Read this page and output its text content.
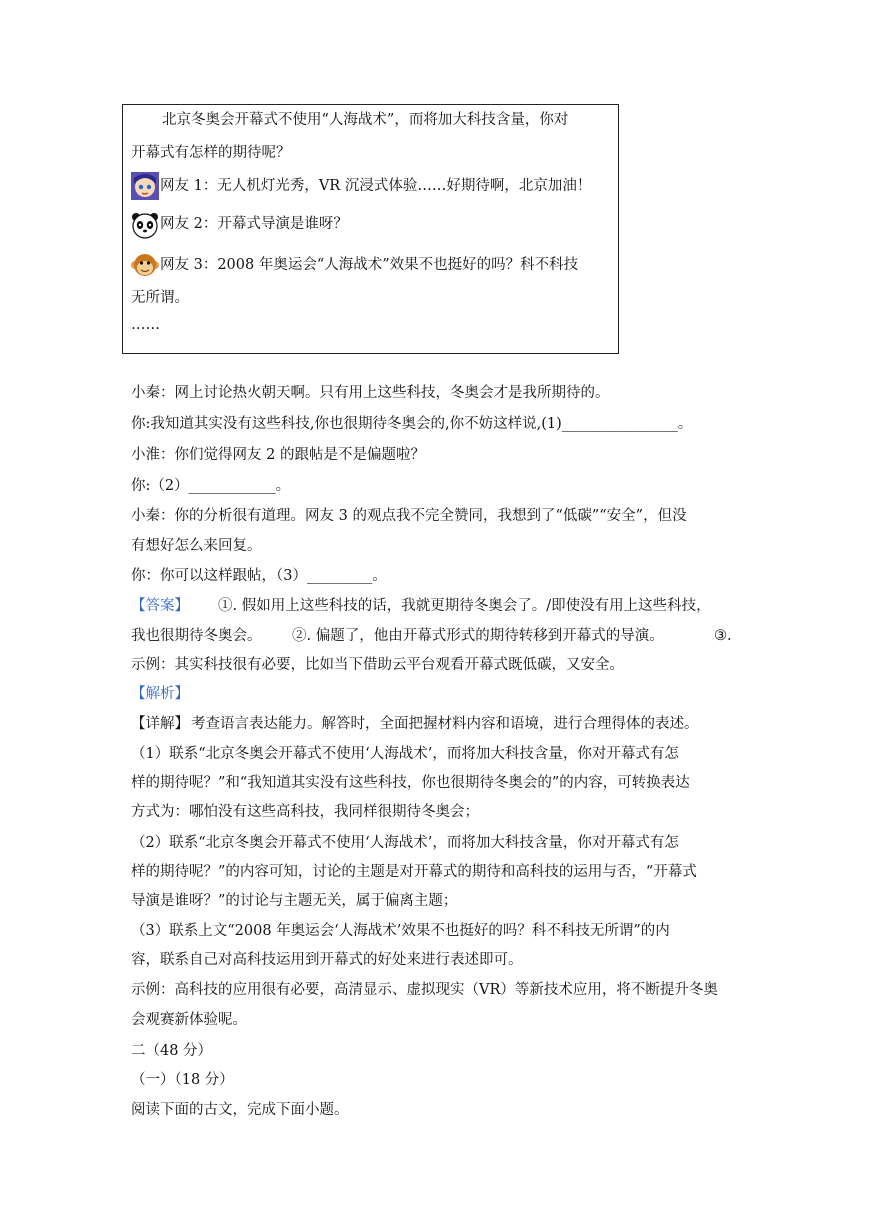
北京冬奥会开幕式不使用“人海战术”，而将加大科技含量，你对
开幕式有怎样的期待呢？
网友 1：无人机灯光秀，VR 沉浸式体验……好期待啊，北京加油！
网友 2：开幕式导演是谁呀？
网友 3：2008 年奥运会“人海战术”效果不也挺好的吗？科不科技
无所谓。
……
小秦：网上讨论热火朝天啊。只有用上这些科技，冬奥会才是我所期待的。
你:我知道其实没有这些科技,你也很期待冬奥会的,你不妨这样说,(1)________________。
小淮：你们觉得网友 2 的跟帖是不是偏题啦？
你:（2）____________。
小秦：你的分析很有道理。网友 3 的观点我不完全赞同，我想到了“低碳”“安全”，但没
有想好怎么来回复。
你：你可以这样跟帖，（3）_________。
【答案】 ①. 假如用上这些科技的话，我就更期待冬奥会了。/即使没有用上这些科技，
我也很期待冬奥会。 ②. 偏题了，他由开幕式形式的期待转移到开幕式的导演。	③.
示例：其实科技很有必要，比如当下借助云平台观看开幕式既低碳，又安全。
【解析】
【详解】 考查语言表达能力。解答时，全面把握材料内容和语境，进行合理得体的表述。
（1）联系“北京冬奥会开幕式不使用‘人海战术’，而将加大科技含量，你对开幕式有怎
样的期待呢？”和“我知道其实没有这些科技，你也很期待冬奥会的”的内容，可转换表达
方式为：哪怕没有这些高科技，我同样很期待冬奥会；
（2）联系“北京冬奥会开幕式不使用‘人海战术’，而将加大科技含量，你对开幕式有怎
样的期待呢？”的内容可知，讨论的主题是对开幕式的期待和高科技的运用与否，“开幕式
导演是谁呀？”的讨论与主题无关，属于偏离主题；
（3）联系上文“2008 年奥运会‘人海战术’效果不也挺好的吗？科不科技无所谓”的内
容，联系自己对高科技运用到开幕式的好处来进行表述即可。
示例：高科技的应用很有必要，高清显示、虚拟现实（VR）等新技术应用，将不断提升冬奥
会观赛新体验呢。
二（48 分）
（一）（18 分）
阅读下面的古文，完成下面小题。
